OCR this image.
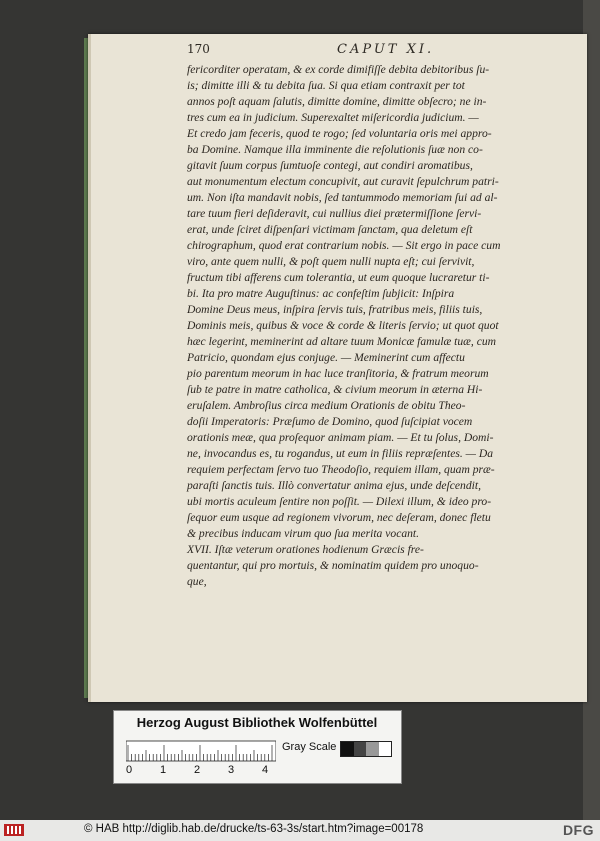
170	CAPUT XI.

fericorditer operatam, & ex corde dimifiſſe debita debitoribus ſu-

is; dimitte illi & tu debita ſua. Si qua etiam contraxit per tot

annos poſt aquam ſalutis, dimitte domine, dimitte obſecro; ne in-

tres cum ea in judicium. Superexaltet miſericordia judicium. —

Et credo jam feceris, quod te rogo; ſed voluntaria oris mei appro-

ba Domine. Namque illa imminente die reſolutionis ſuæ non co-

gitavit ſuum corpus ſumtuoſe contegi, aut condiri aromatibus,

aut monumentum electum concupivit, aut curavit ſepulchrum patri-

um. Non iſta mandavit nobis, ſed tantummodo memoriam ſui ad al-

tare tuum fieri deſideravit, cui nullius diei prætermiſſione ſervi-

erat, unde ſciret diſpenſari victimam ſanctam, qua deletum eſt

chirographum, quod erat contrarium nobis. — Sit ergo in pace cum

viro, ante quem nulli, & poſt quem nulli nupta eſt; cui ſervivit,

fructum tibi afferens cum tolerantia, ut eum quoque lucraretur ti-

bi. Ita pro matre Auguſtinus: ac confeſtim ſubjicit: Inſpira

Domine Deus meus, inſpira ſervis tuis, fratribus meis, filiis tuis,

Dominis meis, quibus & voce & corde & literis ſervio; ut quot quot

hæc legerint, meminerint ad altare tuum Monicæ famulæ tuæ, cum

Patricio, quondam ejus conjuge. — Meminerint cum affectu

pio parentum meorum in hac luce tranſitoria, & fratrum meorum

ſub te patre in matre catholica, & civium meorum in æterna Hi-

eruſalem. Ambroſius circa medium Orationis de obitu Theo-

doſii Imperatoris: Præſumo de Domino, quod ſuſcipiat vocem

orationis meæ, qua proſequor animam piam. — Et tu ſolus, Domi-

ne, invocandus es, tu rogandus, ut eum in filiis repræſentes. — Da

requiem perfectam ſervo tuo Theodoſio, requiem illam, quam præ-

paraſti ſanctis tuis. Illò convertatur anima ejus, unde deſcendit,

ubi mortis aculeum ſentire non poſſit. — Dilexi illum, & ideo pro-

ſequor eum usque ad regionem vivorum, nec deſeram, donec fletu

& precibus inducam virum quo ſua merita vocant.

XVII. Iſtæ veterum orationes hodienum Græcis fre-

quentantur, qui pro mortuis, & nominatim quidem pro unoquo-

que,

Herzog August Bibliothek Wolfenbüttel
0	1	2	3	4
Gray Scale
© HAB http://diglib.hab.de/drucke/ts-63-3s/start.htm?image=00178	DFG
